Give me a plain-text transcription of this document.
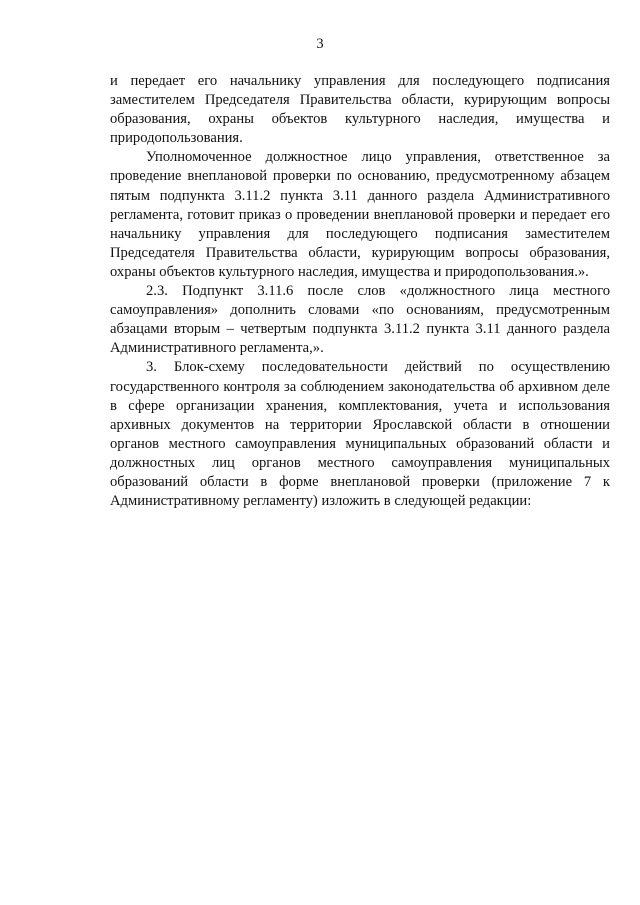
3

и передает его начальнику управления для последующего подписания заместителем Председателя Правительства области, курирующим вопросы образования, охраны объектов культурного наследия, имущества и природопользования.

Уполномоченное должностное лицо управления, ответственное за проведение внеплановой проверки по основанию, предусмотренному абзацем пятым подпункта 3.11.2 пункта 3.11 данного раздела Административного регламента, готовит приказ о проведении внеплановой проверки и передает его начальнику управления для последующего подписания заместителем Председателя Правительства области, курирующим вопросы образования, охраны объектов культурного наследия, имущества и природопользования.».

2.3. Подпункт 3.11.6 после слов «должностного лица местного самоуправления» дополнить словами «по основаниям, предусмотренным абзацами вторым – четвертым подпункта 3.11.2 пункта 3.11 данного раздела Административного регламента,».

3. Блок-схему последовательности действий по осуществлению государственного контроля за соблюдением законодательства об архивном деле в сфере организации хранения, комплектования, учета и использования архивных документов на территории Ярославской области в отношении органов местного самоуправления муниципальных образований области и должностных лиц органов местного самоуправления муниципальных образований области в форме внеплановой проверки (приложение 7 к Административному регламенту) изложить в следующей редакции:
